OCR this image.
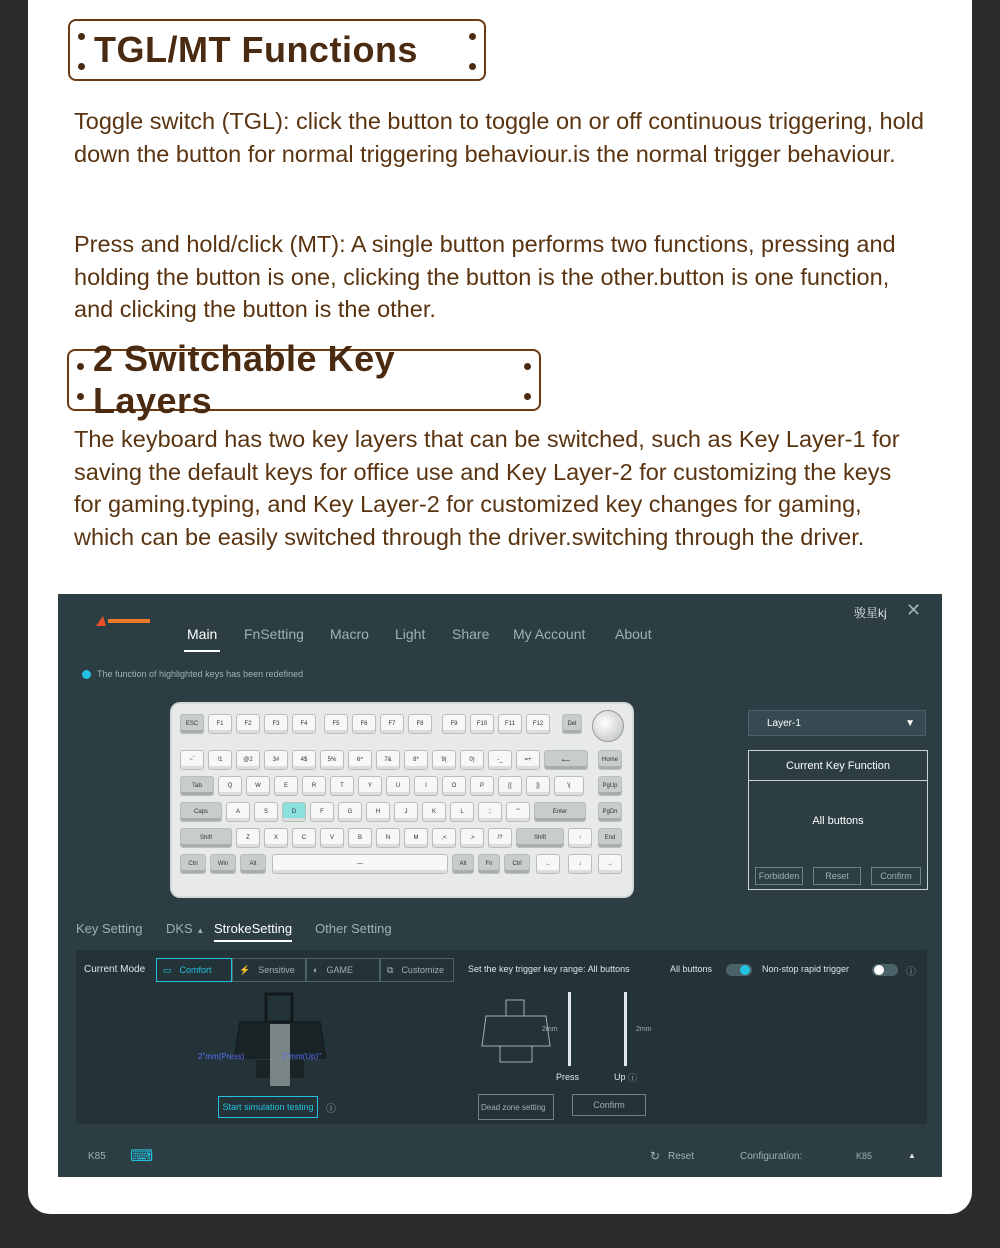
TGL/MT Functions

Toggle switch (TGL): click the button to toggle on or off continuous triggering, hold down the button for normal triggering behaviour.is the normal trigger behaviour.

Press and hold/click (MT): A single button performs two functions, pressing and holding the button is one, clicking the button is the other.button is one function, and clicking the button is the other.

2 Switchable Key Layers

The keyboard has two key layers that can be switched, such as Key Layer-1 for saving the default keys for office use and Key Layer-2 for customizing the keys for gaming.typing, and Key Layer-2 for customized key changes for gaming, which can be easily switched through the driver.switching through the driver.

Main FnSetting Macro Light Share My Account About
骏星kj ✕
The function of highlighted keys has been redefined
ESC	F1	F2	F3	F4	F5	F6	F7	F8	F9	F10	F11	F12	Del
~`	!1	@2	3#	4$	5%	6^	7&	8*	9(	0)	-_	=+	⟵	Home
Tab	Q	W	E	R	T	Y	U	I	O	P	[{	]}	\|	PgUp
Caps	A	S	D	F	G	H	J	K	L	;:	'"	Enter	PgDn
Shift	Z	X	C	V	B	N	M	,<	.>	/?	Shift	↑	End
Ctrl	Win	Alt	—	Alt	Fn	Ctrl	←	↓	→
Layer-1	▼
Current Key Function
All buttons
Forbidden	Reset	Confirm
Key Setting DKS ▲ StrokeSetting Other Setting
Current Mode ▭ Comfort	⚡ Sensitive ◐ GAME	⧉ Customize	Set the key trigger key range: All buttons	All buttons	Non-stop rapid trigger	ⓘ
2"mm(Press)	2"mm(Up)"
Start simulation testing	ⓘ
2mm	2mm
Press	Up ⓘ
Dead zone setting	Confirm
K85 ⌨	↻ Reset	Configuration:	K85	▲
